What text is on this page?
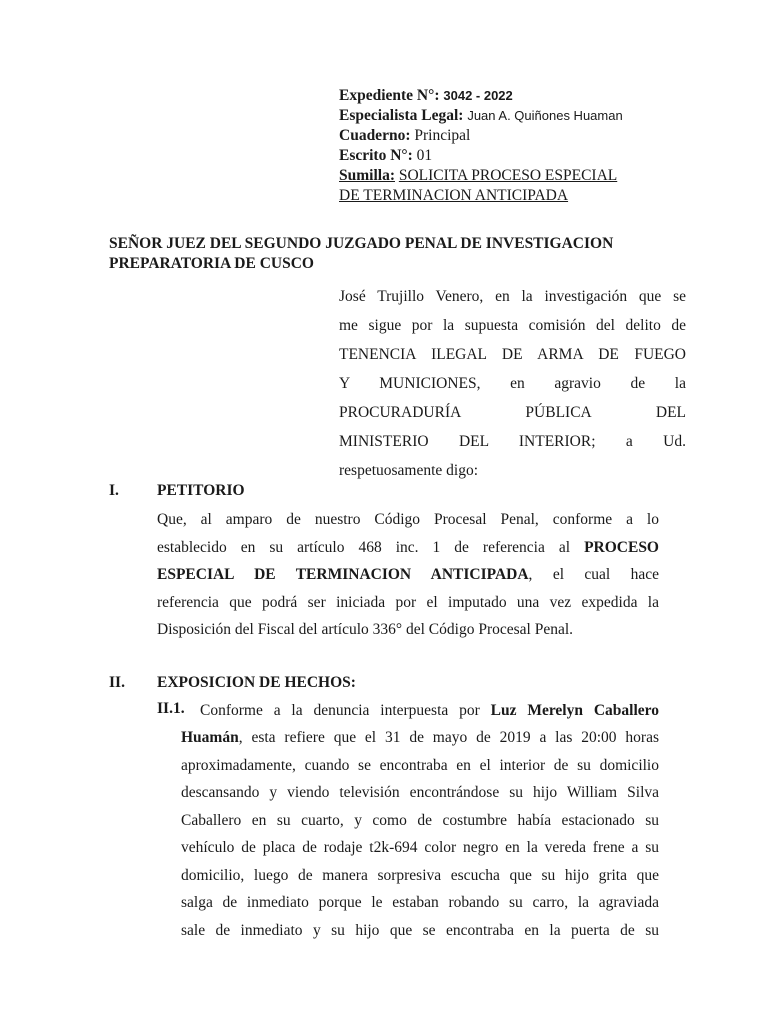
Expediente N°: 3042 - 2022
Especialista Legal: Juan A. Quiñones Huaman
Cuaderno: Principal
Escrito N°: 01
Sumilla: SOLICITA PROCESO ESPECIAL
DE TERMINACION ANTICIPADA
SEÑOR JUEZ DEL SEGUNDO JUZGADO PENAL DE INVESTIGACION
PREPARATORIA DE CUSCO
José Trujillo Venero, en la investigación que se
me sigue por la supuesta comisión del delito de
TENENCIA ILEGAL DE ARMA DE FUEGO
Y MUNICIONES, en agravio de la
PROCURADURÍA PÚBLICA DEL
MINISTERIO DEL INTERIOR; a Ud.
respetuosamente digo:
I. PETITORIO
Que, al amparo de nuestro Código Procesal Penal, conforme a lo
establecido en su artículo 468 inc. 1 de referencia al PROCESO
ESPECIAL DE TERMINACION ANTICIPADA, el cual hace
referencia que podrá ser iniciada por el imputado una vez expedida la
Disposición del Fiscal del artículo 336° del Código Procesal Penal.
II. EXPOSICION DE HECHOS:
II.1. Conforme a la denuncia interpuesta por Luz Merelyn Caballero
Huamán, esta refiere que el 31 de mayo de 2019 a las 20:00 horas
aproximadamente, cuando se encontraba en el interior de su domicilio
descansando y viendo televisión encontrándose su hijo William Silva
Caballero en su cuarto, y como de costumbre había estacionado su
vehículo de placa de rodaje t2k-694 color negro en la vereda frene a su
domicilio, luego de manera sorpresiva escucha que su hijo grita que
salga de inmediato porque le estaban robando su carro, la agraviada
sale de inmediato y su hijo que se encontraba en la puerta de su
